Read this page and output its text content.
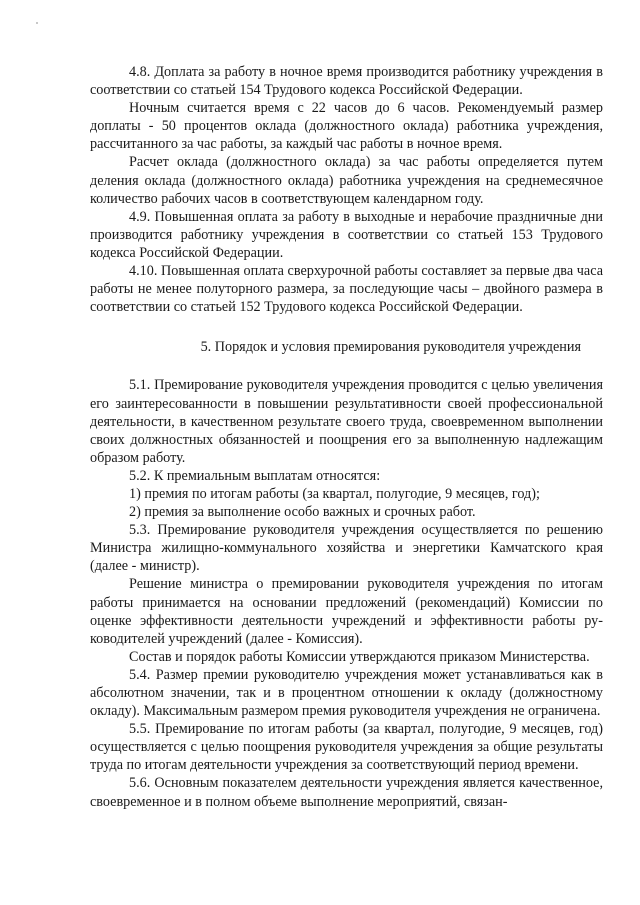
4.8. Доплата за работу в ночное время производится работнику учреждения в соответствии со статьей 154 Трудового кодекса Российской Федерации.

Ночным считается время с 22 часов до 6 часов. Рекомендуемый размер доплаты - 50 процентов оклада (должностного оклада) работника учреждения, рассчитанного за час работы, за каждый час работы в ночное время.

Расчет оклада (должностного оклада) за час работы определяется путем деления оклада (должностного оклада) работника учреждения на среднемесячное количество рабочих часов в соответствующем календарном году.

4.9. Повышенная оплата за работу в выходные и нерабочие праздничные дни производится работнику учреждения в соответствии со статьей 153 Трудового кодекса Российской Федерации.

4.10. Повышенная оплата сверхурочной работы составляет за первые два часа работы не менее полуторного размера, за последующие часы – двойного размера в соответствии со статьей 152 Трудового кодекса Российской Федерации.

5. Порядок и условия премирования руководителя учреждения

5.1. Премирование руководителя учреждения проводится с целью увеличения его заинтересованности в повышении результативности своей профессиональной деятельности, в качественном результате своего труда, своевременном выполнении своих должностных обязанностей и поощрения его за выполненную надлежащим образом работу.

5.2. К премиальным выплатам относятся:

1) премия по итогам работы (за квартал, полугодие, 9 месяцев, год);

2) премия за выполнение особо важных и срочных работ.

5.3. Премирование руководителя учреждения осуществляется по решению Министра жилищно-коммунального хозяйства и энергетики Камчатского края (далее - министр).

Решение министра о премировании руководителя учреждения по итогам работы принимается на основании предложений (рекомендаций) Комиссии по оценке эффективности деятельности учреждений и эффективности работы руководителей учреждений (далее - Комиссия).

Состав и порядок работы Комиссии утверждаются приказом Министерства.

5.4. Размер премии руководителю учреждения может устанавливаться как в абсолютном значении, так и в процентном отношении к окладу (должностному окладу). Максимальным размером премия руководителя учреждения не ограничена.

5.5. Премирование по итогам работы (за квартал, полугодие, 9 месяцев, год) осуществляется с целью поощрения руководителя учреждения за общие результаты труда по итогам деятельности учреждения за соответствующий период времени.

5.6. Основным показателем деятельности учреждения является качественное, своевременное и в полном объеме выполнение мероприятий, связан-
